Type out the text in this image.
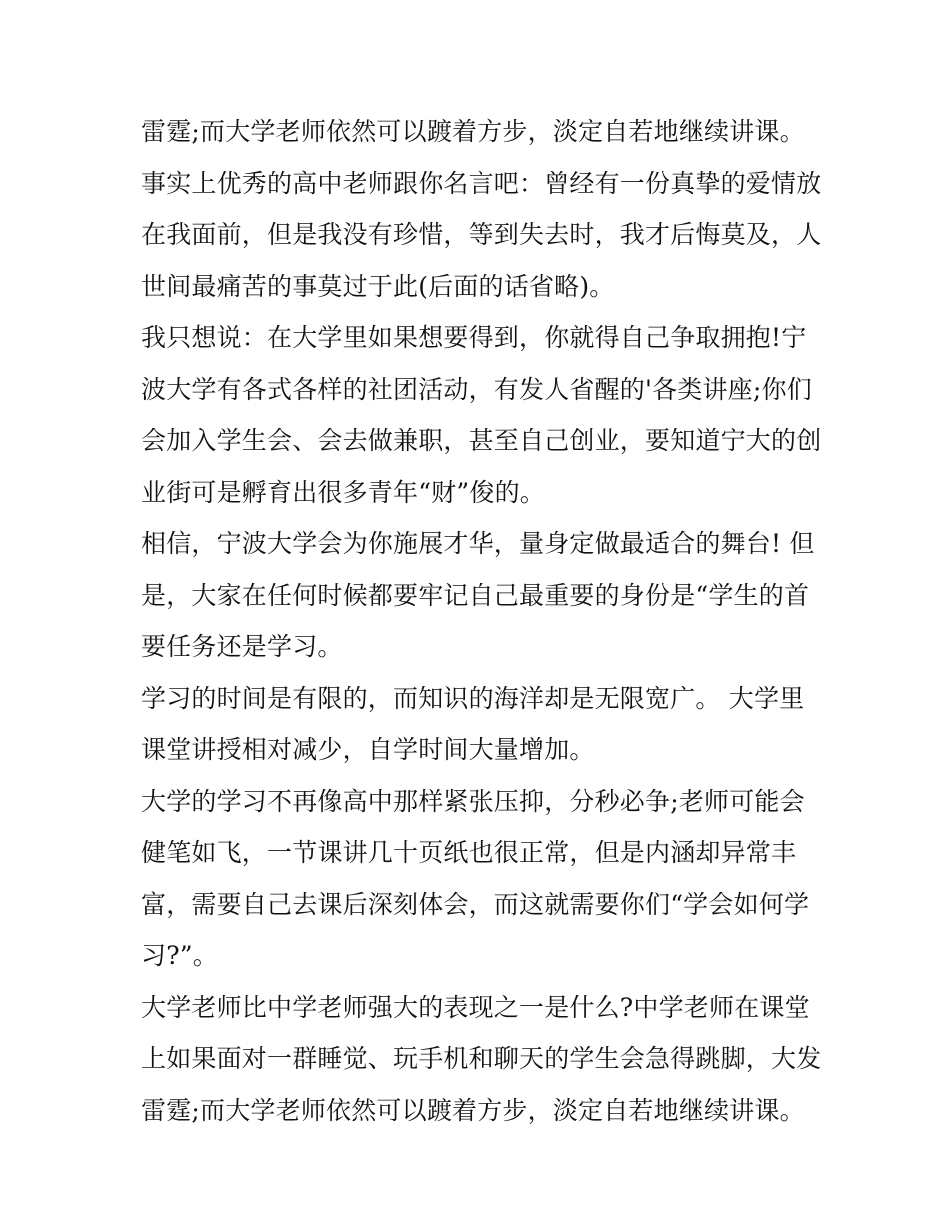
雷霆;而大学老师依然可以踱着方步，淡定自若地继续讲课。
事实上优秀的高中老师跟你名言吧：曾经有一份真挚的爱情放
在我面前，但是我没有珍惜，等到失去时，我才后悔莫及，人
世间最痛苦的事莫过于此(后面的话省略)。
我只想说：在大学里如果想要得到，你就得自己争取拥抱!宁
波大学有各式各样的社团活动，有发人省醒的'各类讲座;你们
会加入学生会、会去做兼职，甚至自己创业，要知道宁大的创
业街可是孵育出很多青年“财”俊的。
相信，宁波大学会为你施展才华，量身定做最适合的舞台! 但
是，大家在任何时候都要牢记自己最重要的身份是“学生的首
要任务还是学习。
学习的时间是有限的，而知识的海洋却是无限宽广。 大学里
课堂讲授相对减少，自学时间大量增加。
大学的学习不再像高中那样紧张压抑，分秒必争;老师可能会
健笔如飞，一节课讲几十页纸也很正常，但是内涵却异常丰
富，需要自己去课后深刻体会，而这就需要你们“学会如何学
习?”。
大学老师比中学老师强大的表现之一是什么?中学老师在课堂
上如果面对一群睡觉、玩手机和聊天的学生会急得跳脚，大发
雷霆;而大学老师依然可以踱着方步，淡定自若地继续讲课。
